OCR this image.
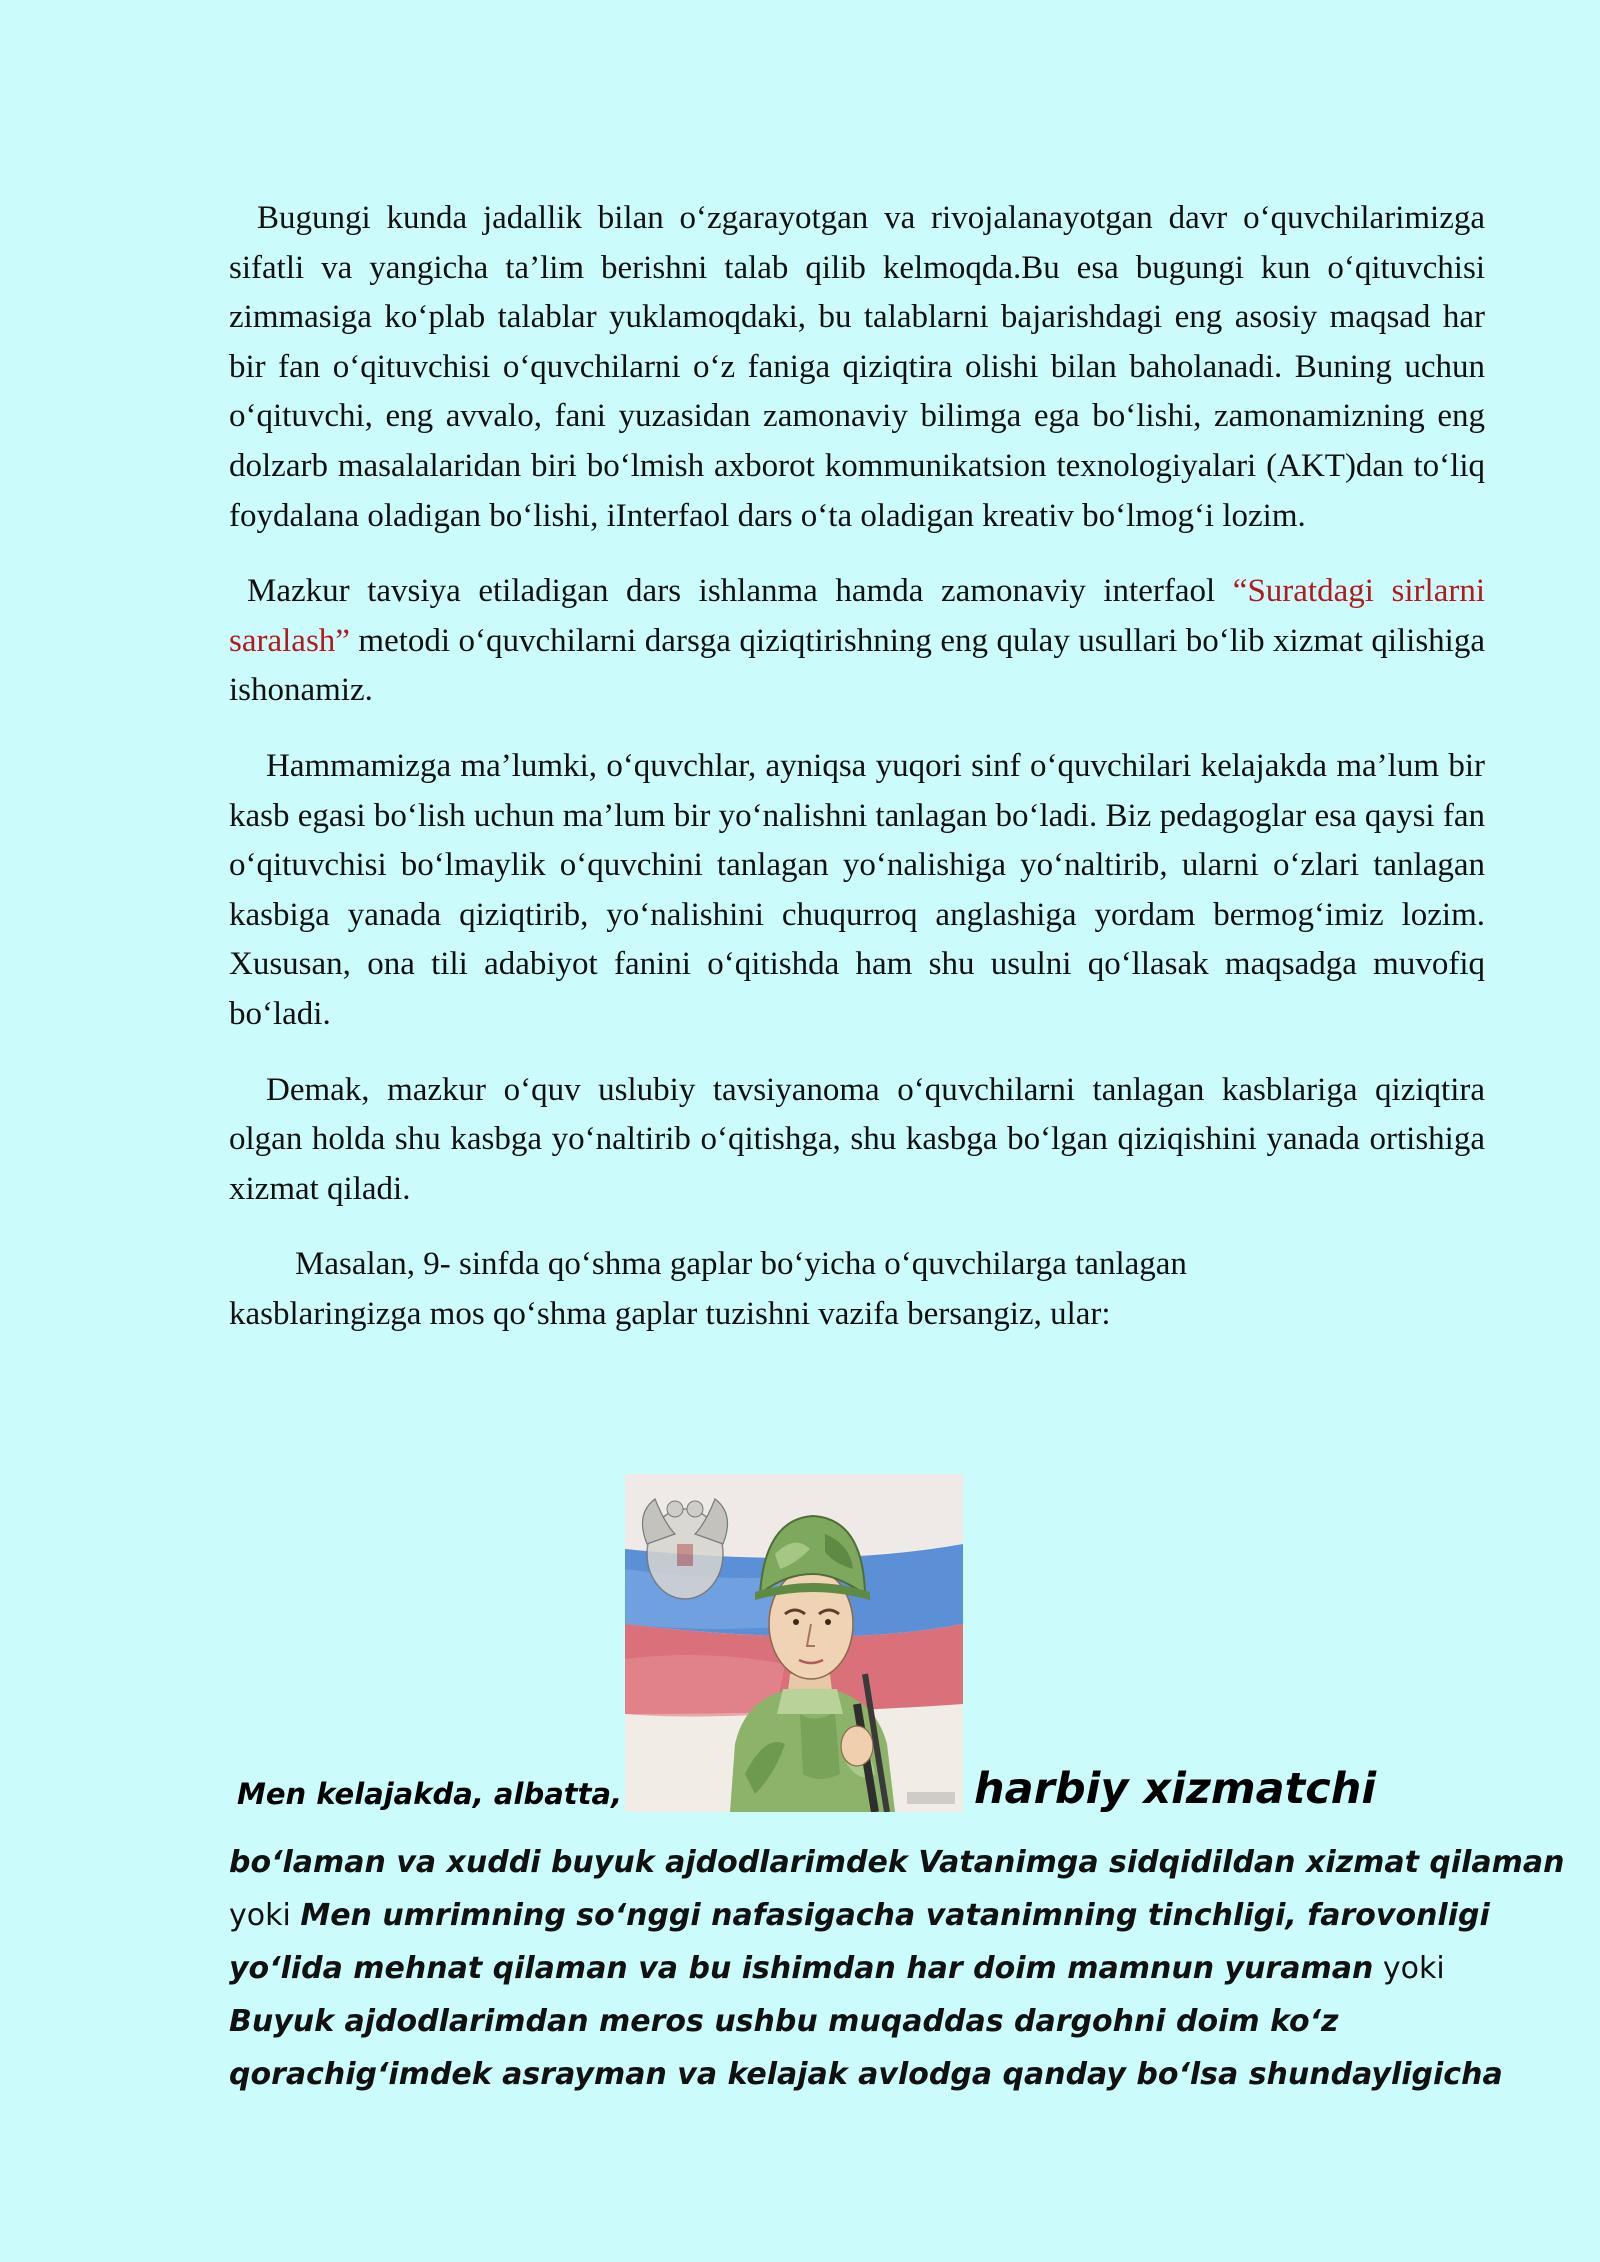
Bugungi kunda jadallik bilan o‘zgarayotgan va rivojalanayotgan davr o‘quvchilarimizga sifatli va yangicha ta’lim berishni talab qilib kelmoqda.Bu esa bugungi kun o‘qituvchisi zimmasiga ko‘plab talablar yuklamoqdaki, bu talablarni bajarishdagi eng asosiy maqsad har bir fan o‘qituvchisi o‘quvchilarni o‘z faniga qiziqtira olishi bilan baholanadi. Buning uchun o‘qituvchi, eng avvalo, fani yuzasidan zamonaviy bilimga ega bo‘lishi, zamonamizning eng dolzarb masalalaridan biri bo‘lmish axborot kommunikatsion texnologiyalari (AKT)dan to‘liq foydalana oladigan bo‘lishi, iInterfaol dars o‘ta oladigan kreativ bo‘lmog‘i lozim.

Mazkur tavsiya etiladigan dars ishlanma hamda zamonaviy interfaol “Suratdagi sirlarni saralash” metodi o‘quvchilarni darsga qiziqtirishning eng qulay usullari bo‘lib xizmat qilishiga ishonamiz.

Hammamizga ma’lumki, o‘quvchlar, ayniqsa yuqori sinf o‘quvchilari kelajakda ma’lum bir kasb egasi bo‘lish uchun ma’lum bir yo‘nalishni tanlagan bo‘ladi. Biz pedagoglar esa qaysi fan o‘qituvchisi bo‘lmaylik o‘quvchini tanlagan yo‘nalishiga yo‘naltirib, ularni o‘zlari tanlagan kasbiga yanada qiziqtirib, yo‘nalishini chuqurroq anglashiga yordam bermog‘imiz lozim. Xususan, ona tili adabiyot fanini o‘qitishda ham shu usulni qo‘llasak maqsadga muvofiq bo‘ladi.

Demak, mazkur o‘quv uslubiy tavsiyanoma o‘quvchilarni tanlagan kasblariga qiziqtira olgan holda shu kasbga yo‘naltirib o‘qitishga, shu kasbga bo‘lgan qiziqishini yanada ortishiga xizmat qiladi.

Masalan, 9- sinfda qo‘shma gaplar bo‘yicha o‘quvchilarga tanlagan
kasblaringizga mos qo‘shma gaplar tuzishni vazifa bersangiz, ular:

Men kelajakda, albatta,	harbiy xizmatchi
bo‘laman va xuddi buyuk ajdodlarimdek Vatanimga sidqidildan xizmat qilaman
yoki Men umrimning so‘nggi nafasigacha vatanimning tinchligi, farovonligi
yo‘lida mehnat qilaman va bu ishimdan har doim mamnun yuraman yoki
Buyuk ajdodlarimdan meros ushbu muqaddas dargohni doim ko‘z
qorachig‘imdek asrayman va kelajak avlodga qanday bo‘lsa shundayligicha
